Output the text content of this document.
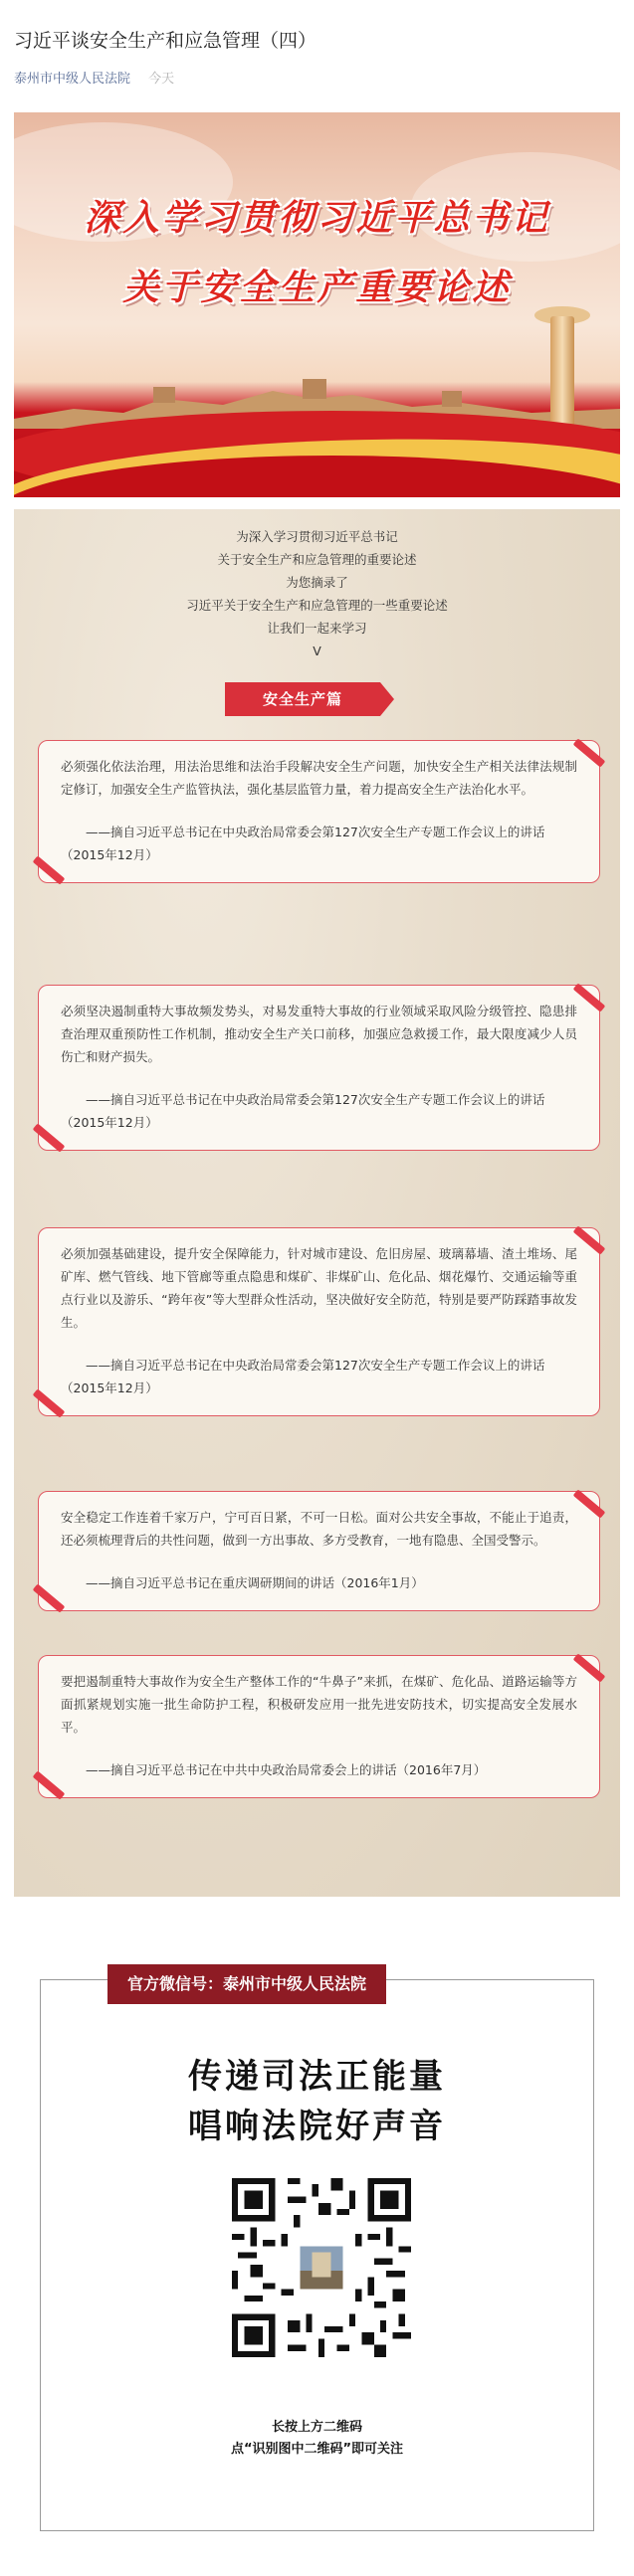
习近平谈安全生产和应急管理（四）
泰州市中级人民法院 今天
深入学习贯彻习近平总书记
关于安全生产重要论述
为深入学习贯彻习近平总书记
关于安全生产和应急管理的重要论述
为您摘录了
习近平关于安全生产和应急管理的一些重要论述
让我们一起来学习
V
安全生产篇
必须强化依法治理，用法治思维和法治手段解决安全生产问题，加快安全生产相关法律法规制定修订，加强安全生产监管执法，强化基层监管力量，着力提高安全生产法治化水平。
——摘自习近平总书记在中央政治局常委会第127次安全生产专题工作会议上的讲话（2015年12月）
必须坚决遏制重特大事故频发势头，对易发重特大事故的行业领域采取风险分级管控、隐患排查治理双重预防性工作机制，推动安全生产关口前移，加强应急救援工作，最大限度减少人员伤亡和财产损失。
——摘自习近平总书记在中央政治局常委会第127次安全生产专题工作会议上的讲话（2015年12月）
必须加强基础建设，提升安全保障能力，针对城市建设、危旧房屋、玻璃幕墙、渣土堆场、尾矿库、燃气管线、地下管廊等重点隐患和煤矿、非煤矿山、危化品、烟花爆竹、交通运输等重点行业以及游乐、“跨年夜”等大型群众性活动，坚决做好安全防范，特别是要严防踩踏事故发生。
——摘自习近平总书记在中央政治局常委会第127次安全生产专题工作会议上的讲话（2015年12月）
安全稳定工作连着千家万户，宁可百日紧，不可一日松。面对公共安全事故，不能止于追责，还必须梳理背后的共性问题，做到一方出事故、多方受教育，一地有隐患、全国受警示。
——摘自习近平总书记在重庆调研期间的讲话（2016年1月）
要把遏制重特大事故作为安全生产整体工作的“牛鼻子”来抓，在煤矿、危化品、道路运输等方面抓紧规划实施一批生命防护工程，积极研发应用一批先进安防技术，切实提高安全发展水平。
——摘自习近平总书记在中共中央政治局常委会上的讲话（2016年7月）
官方微信号：泰州市中级人民法院
传递司法正能量
唱响法院好声音
长按上方二维码
点“识别图中二维码”即可关注
